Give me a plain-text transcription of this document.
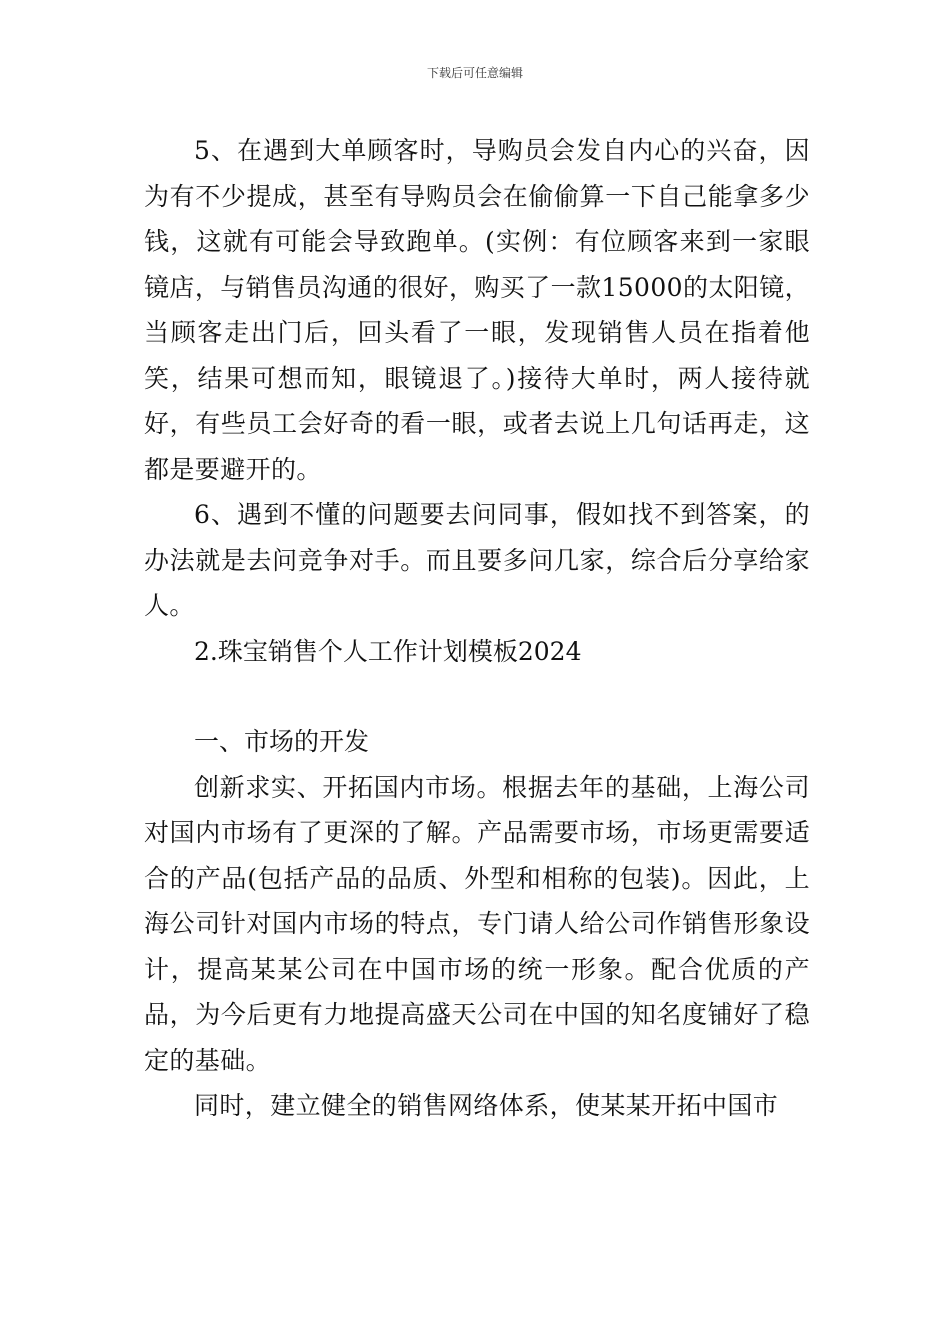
下载后可任意编辑

5、在遇到大单顾客时，导购员会发自内心的兴奋，因为有不少提成，甚至有导购员会在偷偷算一下自己能拿多少钱，这就有可能会导致跑单。(实例：有位顾客来到一家眼镜店，与销售员沟通的很好，购买了一款15000的太阳镜，当顾客走出门后，回头看了一眼，发现销售人员在指着他笑，结果可想而知，眼镜退了。)接待大单时，两人接待就好，有些员工会好奇的看一眼，或者去说上几句话再走，这都是要避开的。

6、遇到不懂的问题要去问同事，假如找不到答案，的办法就是去问竞争对手。而且要多问几家，综合后分享给家人。

2.珠宝销售个人工作计划模板2024

一、市场的开发

创新求实、开拓国内市场。根据去年的基础，上海公司对国内市场有了更深的了解。产品需要市场，市场更需要适合的产品(包括产品的品质、外型和相称的包装)。因此，上海公司针对国内市场的特点，专门请人给公司作销售形象设计，提高某某公司在中国市场的统一形象。配合优质的产品，为今后更有力地提高盛天公司在中国的知名度铺好了稳定的基础。

同时，建立健全的销售网络体系，使某某开拓中国市
